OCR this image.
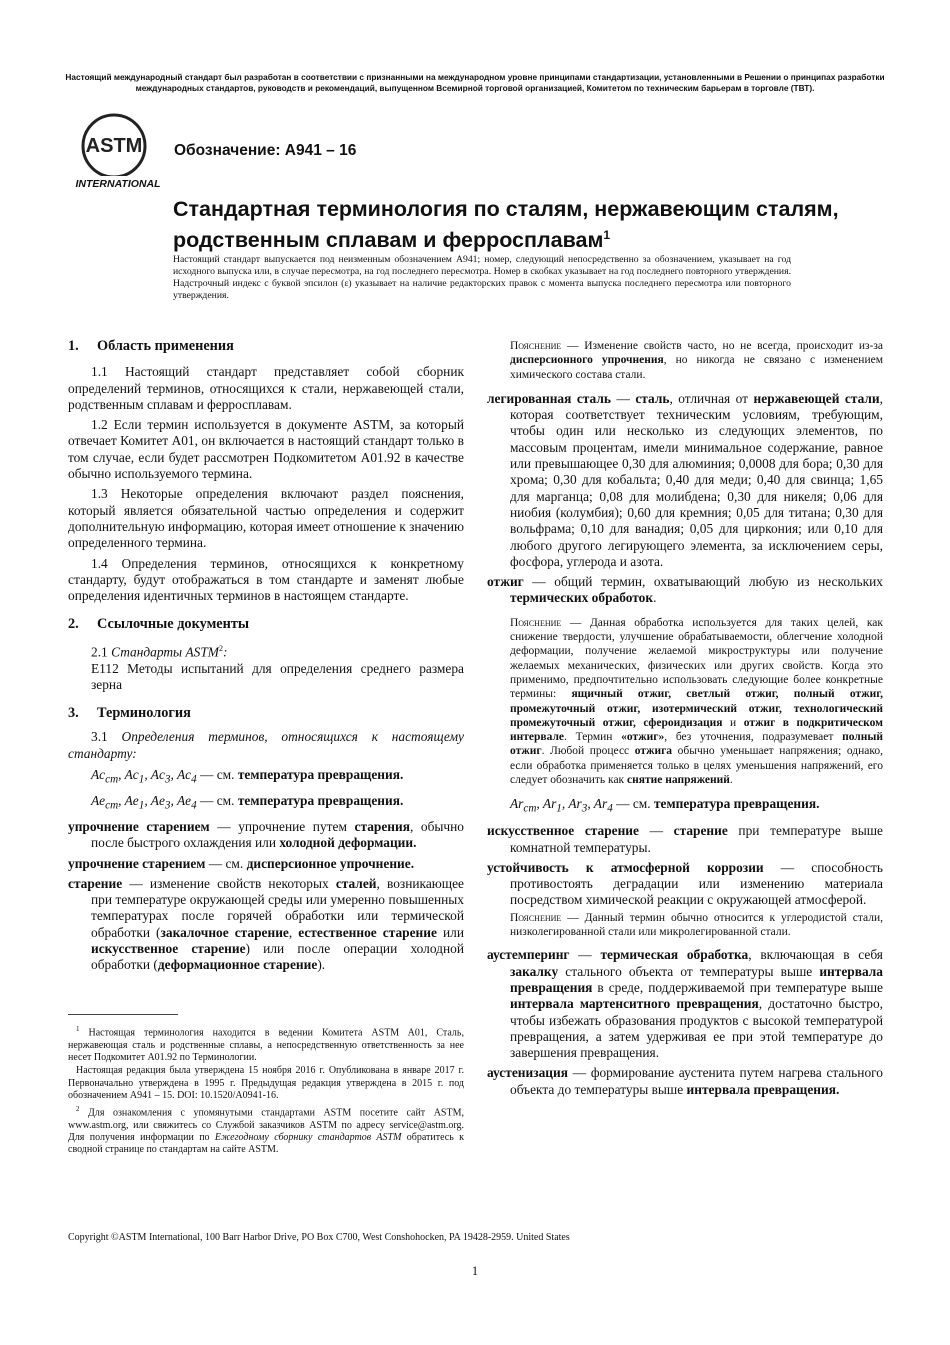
Настоящий международный стандарт был разработан в соответствии с признанными на международном уровне принципами стандартизации, установленными в Решении о принципах разработки международных стандартов, руководств и рекомендаций, выпущенном Всемирной торговой организацией, Комитетом по техническим барьерам в торговле (ТВТ).
ASTM
INTERNATIONAL
Обозначение: A941 – 16
Стандартная терминология по сталям, нержавеющим сталям, родственным сплавам и ферросплавам$^1$
Настоящий стандарт выпускается под неизменным обозначением A941; номер, следующий непосредственно за обозначением, указывает на год исходного выпуска или, в случае пересмотра, на год последнего пересмотра. Номер в скобках указывает на год последнего повторного утверждения. Надстрочный индекс с буквой эпсилон (ε) указывает на наличие редакторских правок с момента выпуска последнего пересмотра или повторного утверждения.
1. Область применения

1.1 Настоящий стандарт представляет собой сборник определений терминов, относящихся к стали, нержавеющей стали, родственным сплавам и ферросплавам.

1.2 Если термин используется в документе ASTM, за который отвечает Комитет A01, он включается в настоящий стандарт только в том случае, если будет рассмотрен Подкомитетом A01.92 в качестве обычно используемого термина.

1.3 Некоторые определения включают раздел пояснения, который является обязательной частью определения и содержит дополнительную информацию, которая имеет отношение к значению определенного термина.

1.4 Определения терминов, относящихся к конкретному стандарту, будут отображаться в том стандарте и заменят любые определения идентичных терминов в настоящем стандарте.

2. Ссылочные документы

2.1 Стандарты ASTM$^2$:

E112 Методы испытаний для определения среднего размера зерна

3. Терминология

3.1 Определения терминов, относящихся к настоящему стандарту:

$Ac_{cm}$, $Ac_1$, $Ac_3$, $Ac_4$ — см. температура превращения.

$Ae_{cm}$, $Ae_1$, $Ae_3$, $Ae_4$ — см. температура превращения.

упрочнение старением — упрочнение путем старения, обычно после быстрого охлаждения или холодной деформации.

упрочнение старением — см. дисперсионное упрочнение.

старение — изменение свойств некоторых сталей, возникающее при температуре окружающей среды или умеренно повышенных температурах после горячей обработки или термической обработки (закалочное старение, естественное старение или искусственное старение) или после операции холодной обработки (деформационное старение).

$^1$ Настоящая терминология находится в ведении Комитета ASTM A01, Сталь, нержавеющая сталь и родственные сплавы, а непосредственную ответственность за нее несет Подкомитет A01.92 по Терминологии.

Настоящая редакция была утверждена 15 ноября 2016 г. Опубликована в январе 2017 г. Первоначально утверждена в 1995 г. Предыдущая редакция утверждена в 2015 г. под обозначением A941 – 15. DOI: 10.1520/A0941-16.

$^2$ Для ознакомления с упомянутыми стандартами ASTM посетите сайт ASTM, www.astm.org, или свяжитесь со Службой заказчиков ASTM по адресу service@astm.org. Для получения информации по Ежегодному сборнику стандартов ASTM обратитесь к сводной странице по стандартам на сайте ASTM.

Пояснение — Изменение свойств часто, но не всегда, происходит из-за дисперсионного упрочнения, но никогда не связано с изменением химического состава стали.

легированная сталь — сталь, отличная от нержавеющей стали, которая соответствует техническим условиям, требующим, чтобы один или несколько из следующих элементов, по массовым процентам, имели минимальное содержание, равное или превышающее 0,30 для алюминия; 0,0008 для бора; 0,30 для хрома; 0,30 для кобальта; 0,40 для меди; 0,40 для свинца; 1,65 для марганца; 0,08 для молибдена; 0,30 для никеля; 0,06 для ниобия (колумбия); 0,60 для кремния; 0,05 для титана; 0,30 для вольфрама; 0,10 для ванадия; 0,05 для циркония; или 0,10 для любого другого легирующего элемента, за исключением серы, фосфора, углерода и азота.

отжиг — общий термин, охватывающий любую из нескольких термических обработок.

Пояснение — Данная обработка используется для таких целей, как снижение твердости, улучшение обрабатываемости, облегчение холодной деформации, получение желаемой микроструктуры или получение желаемых механических, физических или других свойств. Когда это применимо, предпочтительно использовать следующие более конкретные термины: ящичный отжиг, светлый отжиг, полный отжиг, промежуточный отжиг, изотермический отжиг, технологический промежуточный отжиг, сфероидизация и отжиг в подкритическом интервале. Термин «отжиг», без уточнения, подразумевает полный отжиг. Любой процесс отжига обычно уменьшает напряжения; однако, если обработка применяется только в целях уменьшения напряжений, его следует обозначить как снятие напряжений.

$Ar_{cm}$, $Ar_1$, $Ar_3$, $Ar_4$ — см. температура превращения.

искусственное старение — старение при температуре выше комнатной температуры.

устойчивость к атмосферной коррозии — способность противостоять деградации или изменению материала посредством химической реакции с окружающей атмосферой.

Пояснение — Данный термин обычно относится к углеродистой стали, низколегированной стали или микролегированной стали.

аустемперинг — термическая обработка, включающая в себя закалку стального объекта от температуры выше интервала превращения в среде, поддерживаемой при температуре выше интервала мартенситного превращения, достаточно быстро, чтобы избежать образования продуктов с высокой температурой превращения, а затем удерживая ее при этой температуре до завершения превращения.

аустенизация — формирование аустенита путем нагрева стального объекта до температуры выше интервала превращения.

Copyright ©ASTM International, 100 Barr Harbor Drive, PO Box C700, West Conshohocken, PA 19428-2959. United States
1
